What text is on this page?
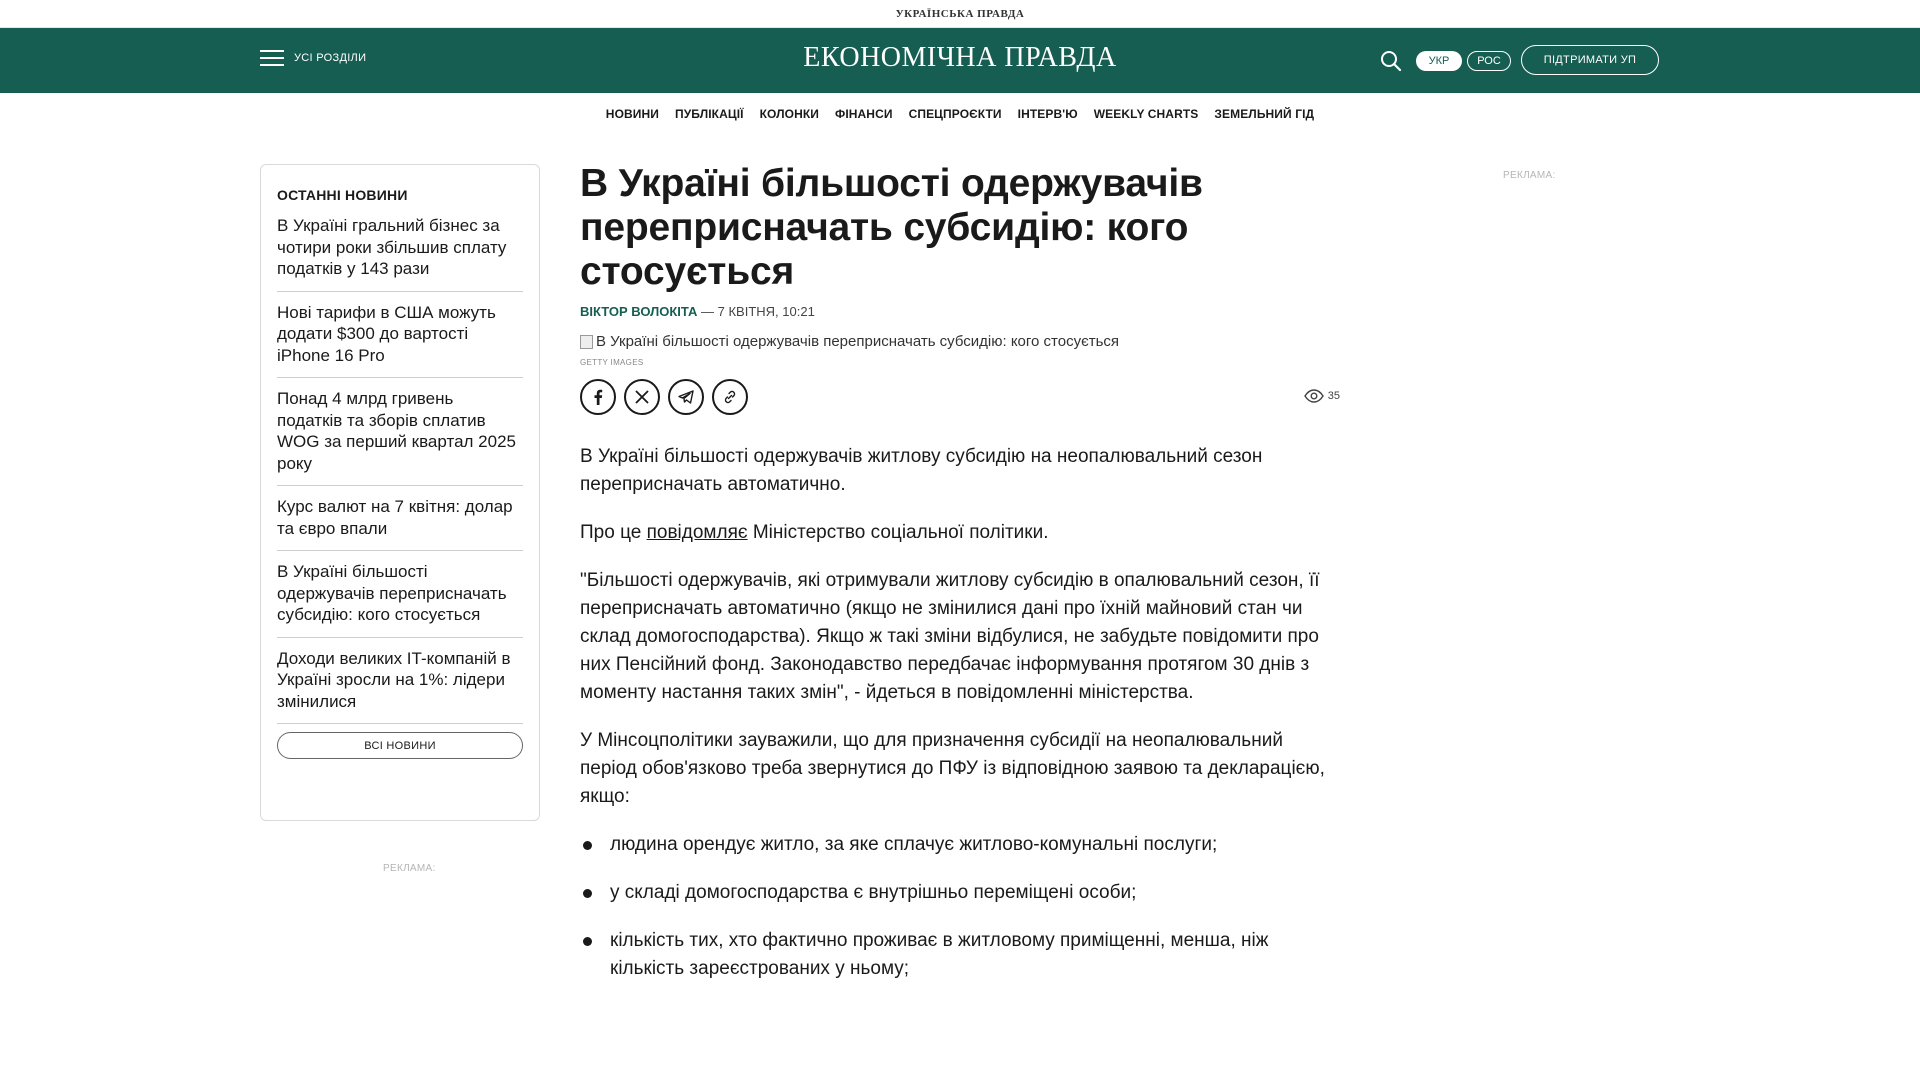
УКРАЇНСЬКА ПРАВДА
УСІ РОЗДІЛИ	ЕКОНОМІЧНА ПРАВДА	УКР	РОС	ПІДТРИМАТИ УП
НОВИНИ	ПУБЛІКАЦІЇ	КОЛОНКИ	ФІНАНСИ	СПЕЦПРОЄКТИ	ІНТЕРВ'Ю	WEEKLY CHARTS	ЗЕМЕЛЬНИЙ ГІД
ОСТАННІ НОВИНИ
В Україні гральний бізнес за чотири роки збільшив сплату податків у 143 рази
Нові тарифи в США можуть додати $300 до вартості iPhone 16 Pro
Понад 4 млрд гривень податків та зборів сплатив WOG за перший квартал 2025 року
Курс валют на 7 квітня: долар та євро впали
В Україні більшості одержувачів переприсначать субсидію: кого стосується
Доходи великих IT-компаній в Україні зросли на 1%: лідери змінилися
ВСІ НОВИНИ
РЕКЛАМА:
РЕКЛАМА:
В Україні більшості одержувачів переприсначать субсидію: кого стосується
ВІКТОР ВОЛОКІТА — 7 КВІТНЯ, 10:21
В Україні більшості одержувачів переприсначать субсидію: кого стосується
GETTY IMAGES
35

В Україні більшості одержувачів житлову субсидію на неопалювальний сезон переприсначать автоматично.

Про це повідомляє Міністерство соціальної політики.

"Більшості одержувачів, які отримували житлову субсидію в опалювальний сезон, її переприсначать автоматично (якщо не змінилися дані про їхній майновий стан чи склад домогосподарства). Якщо ж такі зміни відбулися, не забудьте повідомити про них Пенсійний фонд. Законодавство передбачає інформування протягом 30 днів з моменту настання таких змін", - йдеться в повідомленні міністерства.

У Мінсоцполітики зауважили, що для призначення субсидії на неопалювальний період обов'язково треба звернутися до ПФУ із відповідною заявою та декларацією, якщо:

людина орендує житло, за яке сплачує житлово-комунальні послуги;
у складі домогосподарства є внутрішньо переміщені особи;
кількість тих, хто фактично проживає в житловому приміщенні, менша, ніж кількість зареєстрованих у ньому;
